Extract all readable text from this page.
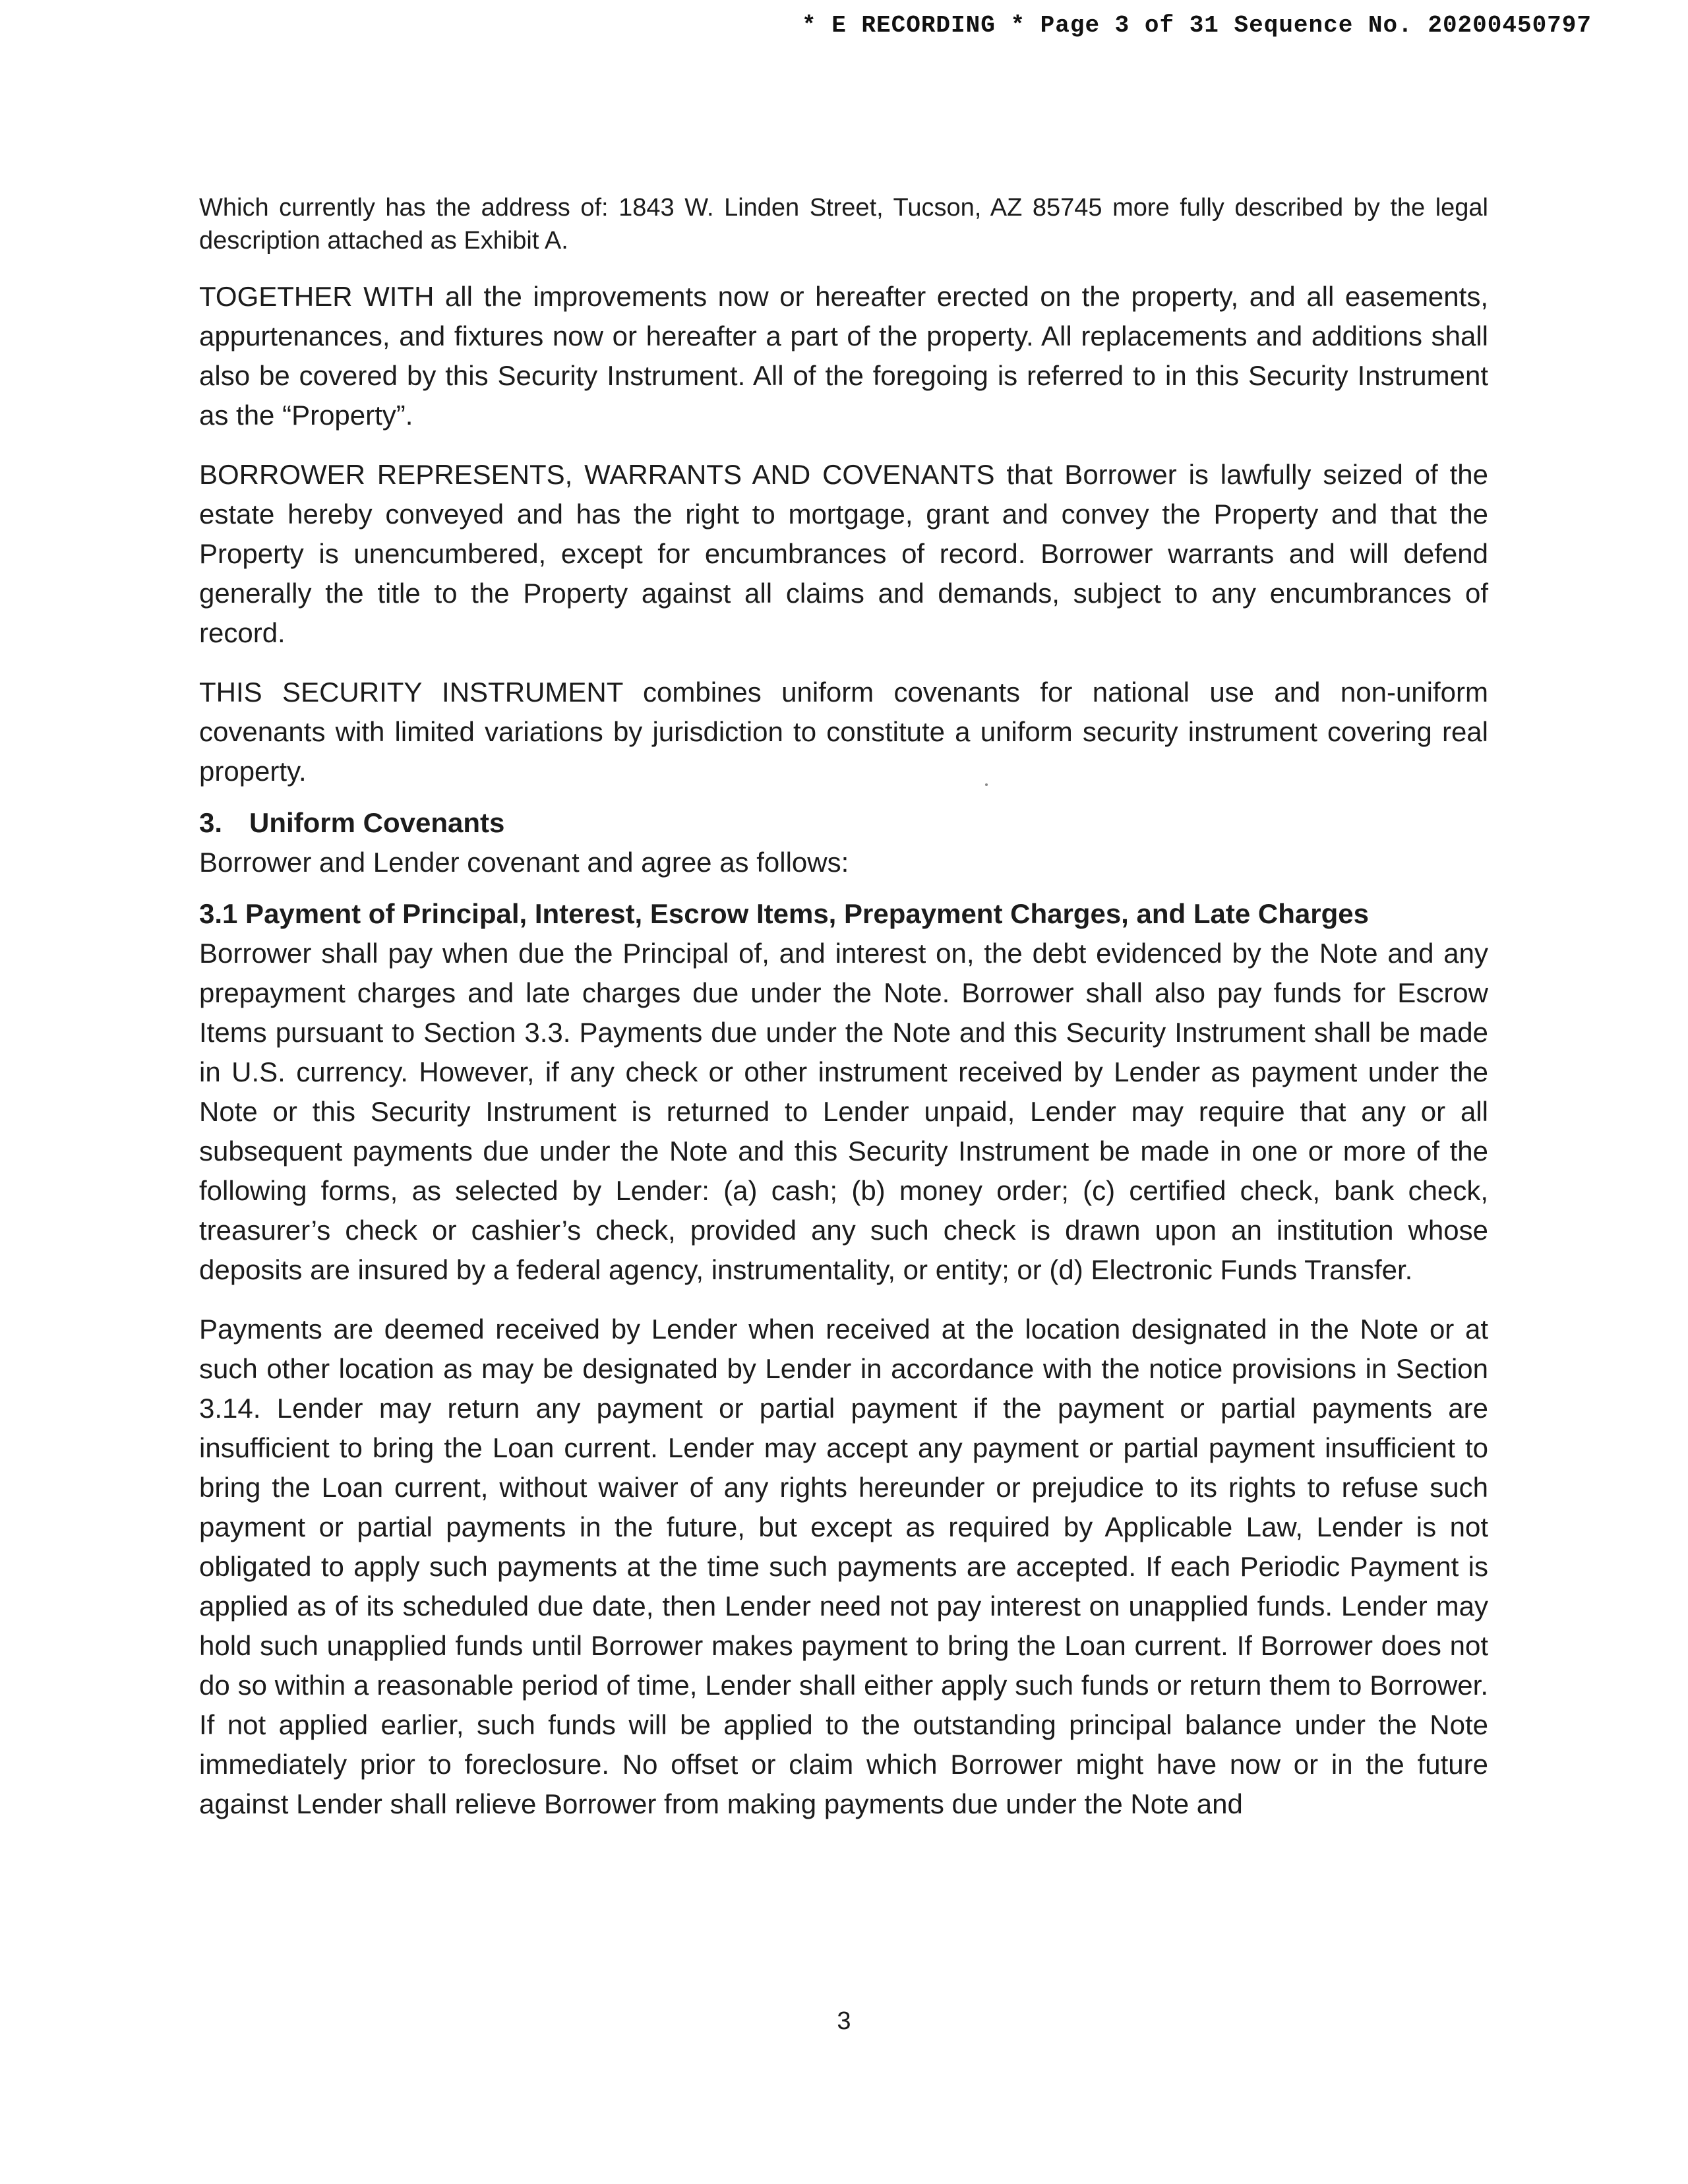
* E RECORDING * Page 3 of 31 Sequence No. 20200450797

Which currently has the address of: 1843 W. Linden Street, Tucson, AZ 85745 more fully described by the legal description attached as Exhibit A.

TOGETHER WITH all the improvements now or hereafter erected on the property, and all easements, appurtenances, and fixtures now or hereafter a part of the property. All replacements and additions shall also be covered by this Security Instrument. All of the foregoing is referred to in this Security Instrument as the “Property”.

BORROWER REPRESENTS, WARRANTS AND COVENANTS that Borrower is lawfully seized of the estate hereby conveyed and has the right to mortgage, grant and convey the Property and that the Property is unencumbered, except for encumbrances of record. Borrower warrants and will defend generally the title to the Property against all claims and demands, subject to any encumbrances of record.

THIS SECURITY INSTRUMENT combines uniform covenants for national use and non-uniform covenants with limited variations by jurisdiction to constitute a uniform security instrument covering real property.

3. Uniform Covenants

Borrower and Lender covenant and agree as follows:

3.1 Payment of Principal, Interest, Escrow Items, Prepayment Charges, and Late Charges

Borrower shall pay when due the Principal of, and interest on, the debt evidenced by the Note and any prepayment charges and late charges due under the Note. Borrower shall also pay funds for Escrow Items pursuant to Section 3.3. Payments due under the Note and this Security Instrument shall be made in U.S. currency. However, if any check or other instrument received by Lender as payment under the Note or this Security Instrument is returned to Lender unpaid, Lender may require that any or all subsequent payments due under the Note and this Security Instrument be made in one or more of the following forms, as selected by Lender: (a) cash; (b) money order; (c) certified check, bank check, treasurer’s check or cashier’s check, provided any such check is drawn upon an institution whose deposits are insured by a federal agency, instrumentality, or entity; or (d) Electronic Funds Transfer.

Payments are deemed received by Lender when received at the location designated in the Note or at such other location as may be designated by Lender in accordance with the notice provisions in Section 3.14. Lender may return any payment or partial payment if the payment or partial payments are insufficient to bring the Loan current. Lender may accept any payment or partial payment insufficient to bring the Loan current, without waiver of any rights hereunder or prejudice to its rights to refuse such payment or partial payments in the future, but except as required by Applicable Law, Lender is not obligated to apply such payments at the time such payments are accepted. If each Periodic Payment is applied as of its scheduled due date, then Lender need not pay interest on unapplied funds. Lender may hold such unapplied funds until Borrower makes payment to bring the Loan current. If Borrower does not do so within a reasonable period of time, Lender shall either apply such funds or return them to Borrower. If not applied earlier, such funds will be applied to the outstanding principal balance under the Note immediately prior to foreclosure. No offset or claim which Borrower might have now or in the future against Lender shall relieve Borrower from making payments due under the Note and

3
